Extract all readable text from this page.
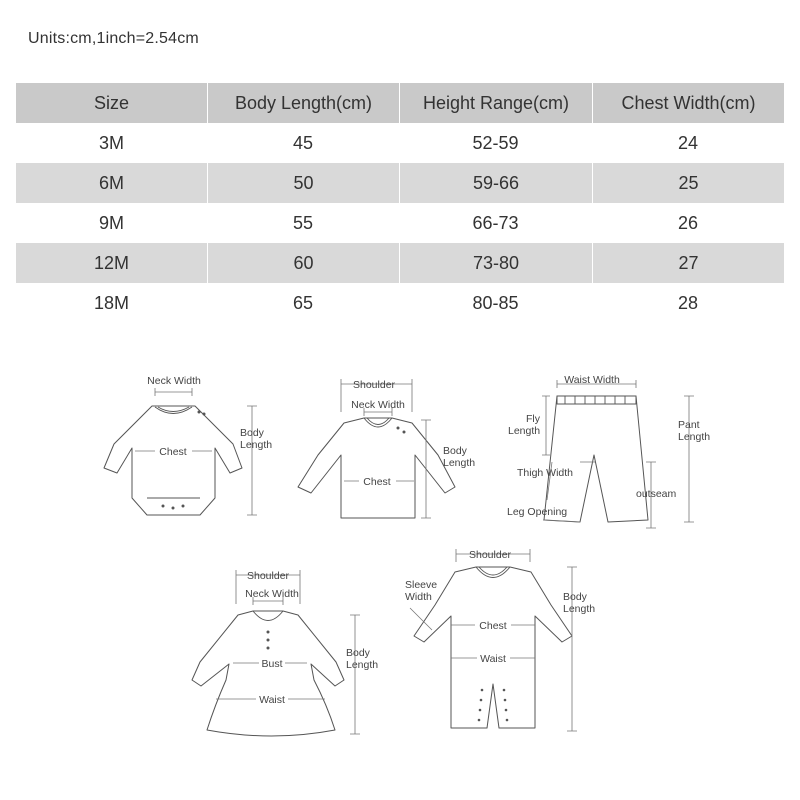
Units:cm,1inch=2.54cm
Size	Body Length(cm)	Height Range(cm)	Chest Width(cm)
3M	45	52-59	24
6M	50	59-66	25
9M	55	66-73	26
12M	60	73-80	27
18M	65	80-85	28
Neck Width
Chest
Body
Length
Shoulder
Neck Width
Chest
Body
Length
Waist Width
Fly
Length	Pant
Length
Thigh Width
outseam
Leg Opening
Shoulder
Neck Width
Bust
Waist
Body
Length
Shoulder
Sleeve
Width
Chest
Waist
Body
Length
